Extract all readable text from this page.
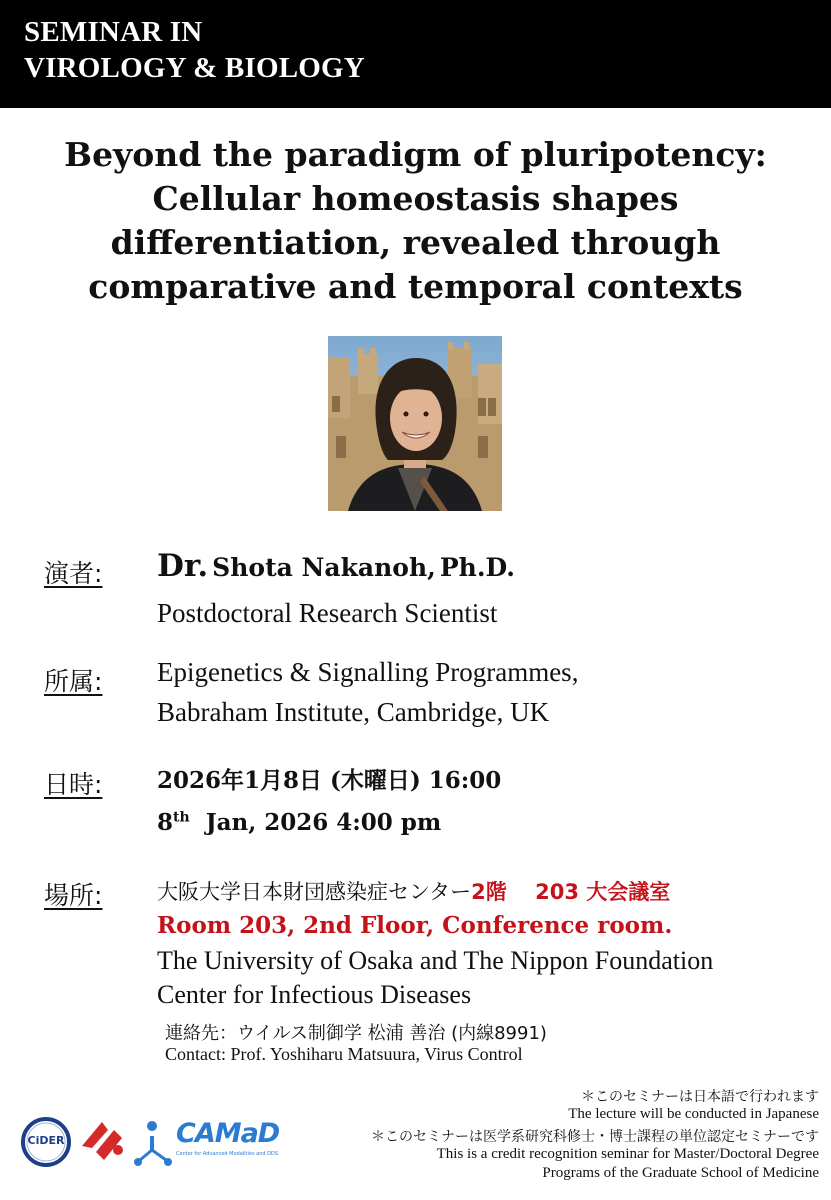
SEMINAR IN
VIROLOGY & BIOLOGY
Beyond the paradigm of pluripotency:
Cellular homeostasis shapes
differentiation, revealed through
comparative and temporal contexts
演者: Dr. Shota Nakanoh, Ph.D.
Postdoctoral Research Scientist
所属: Epigenetics & Signalling Programmes,
Babraham Institute, Cambridge, UK
日時: 2026年1月8日 (木曜日) 16:00
8th Jan, 2026 4:00 pm
場所:	大阪大学日本財団感染症センター2階　 203 大会議室
Room 203, 2nd Floor, Conference room.
The University of Osaka and The Nippon Foundation
Center for Infectious Diseases
連絡先：ウイルス制御学 松浦 善治 (内線8991)
Contact: Prof. Yoshiharu Matsuura, Virus Control
＊このセミナーは日本語で行われます
The lecture will be conducted in Japanese
＊このセミナーは医学系研究科修士・博士課程の単位認定セミナーです
This is a credit recognition seminar for Master/Doctoral Degree
Programs of the Graduate School of Medicine
CiDER	CAMaD
Center for Advanced Modalities and DDS
